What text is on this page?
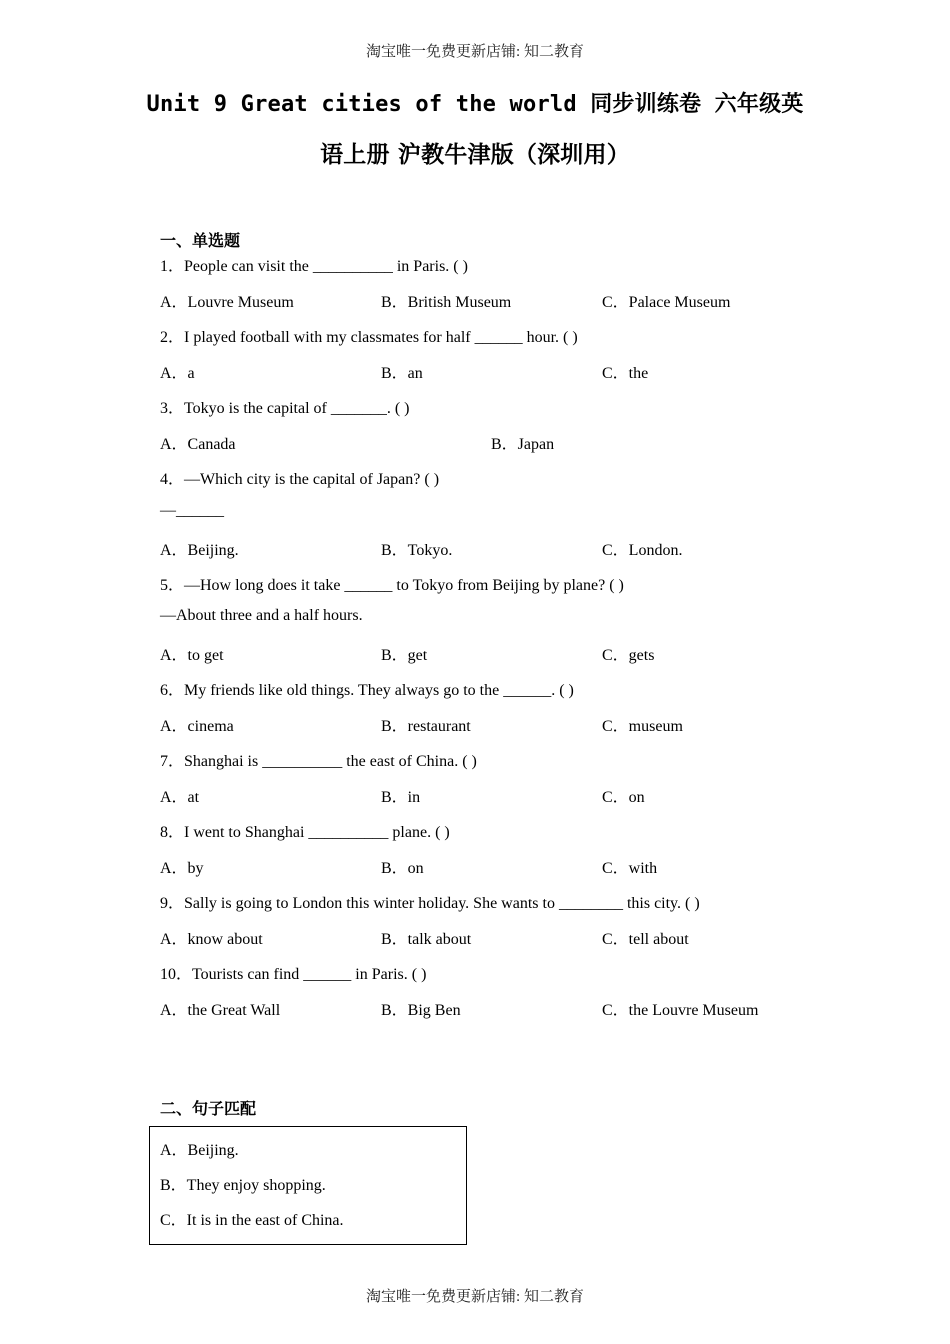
淘宝唯一免费更新店铺: 知二教育
Unit 9 Great cities of the world 同步训练卷 六年级英
语上册 沪教牛津版（深圳用）
一、单选题
1．People can visit the __________ in Paris. ( )
A．Louvre Museum	B．British Museum	C．Palace Museum
2．I played football with my classmates for half ______ hour. ( )
A．a	B．an	C．the
3．Tokyo is the capital of _______. ( )
A．Canada	B．Japan
4．—Which city is the capital of Japan? ( )
—______
A．Beijing.	B．Tokyo.	C．London.
5．—How long does it take ______ to Tokyo from Beijing by plane? ( )
—About three and a half hours.
A．to get	B．get	C．gets
6．My friends like old things. They always go to the ______. ( )
A．cinema	B．restaurant	C．museum
7．Shanghai is __________ the east of China. ( )
A．at	B．in	C．on
8．I went to Shanghai __________ plane. ( )
A．by	B．on	C．with
9．Sally is going to London this winter holiday. She wants to ________ this city. ( )
A．know about	B．talk about	C．tell about
10．Tourists can find ______ in Paris. ( )
A．the Great Wall	B．Big Ben	C．the Louvre Museum
二、句子匹配
A．Beijing.
B．They enjoy shopping.
C．It is in the east of China.
淘宝唯一免费更新店铺: 知二教育
